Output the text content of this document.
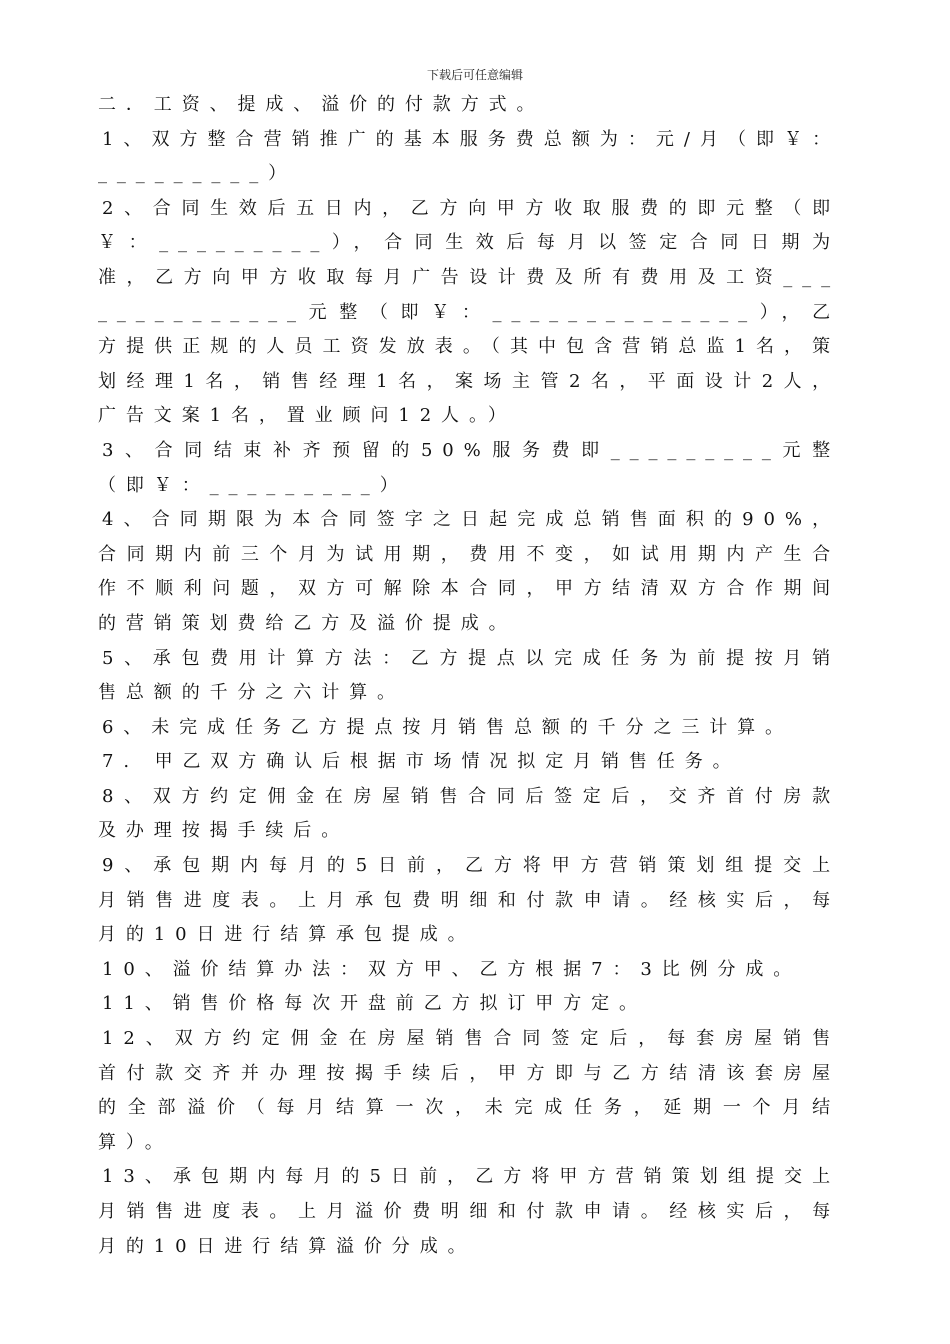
下载后可任意编辑

二．工资、提成、溢价的付款方式。

1、双方整合营销推广的基本服务费总额为：元/月（即￥：_________）

2、合同生效后五日内，乙方向甲方收取服费的即元整（即￥：_________），合同生效后每月以签定合同日期为准，乙方向甲方收取每月广告设计费及所有费用及工资______________元整（即￥：______________），乙方提供正规的人员工资发放表。（其中包含营销总监1名，策划经理1名，销售经理1名，案场主管2名，平面设计2人，广告文案1名，置业顾问12人。）

3、合同结束补齐预留的50%服务费即_________元整（即￥：_________）

4、合同期限为本合同签字之日起完成总销售面积的90%，合同期内前三个月为试用期，费用不变，如试用期内产生合作不顺利问题，双方可解除本合同，甲方结清双方合作期间的营销策划费给乙方及溢价提成。

5、承包费用计算方法：乙方提点以完成任务为前提按月销售总额的千分之六计算。

6、未完成任务乙方提点按月销售总额的千分之三计算。

7. 甲乙双方确认后根据市场情况拟定月销售任务。

8、双方约定佣金在房屋销售合同后签定后，交齐首付房款及办理按揭手续后。

9、承包期内每月的5日前，乙方将甲方营销策划组提交上月销售进度表。上月承包费明细和付款申请。经核实后，每月的10日进行结算承包提成。

10、溢价结算办法：双方甲、乙方根据7：3比例分成。

11、销售价格每次开盘前乙方拟订甲方定。

12、双方约定佣金在房屋销售合同签定后，每套房屋销售首付款交齐并办理按揭手续后，甲方即与乙方结清该套房屋的全部溢价（每月结算一次，未完成任务，延期一个月结算）。

13、承包期内每月的5日前，乙方将甲方营销策划组提交上月销售进度表。上月溢价费明细和付款申请。经核实后，每月的10日进行结算溢价分成。
